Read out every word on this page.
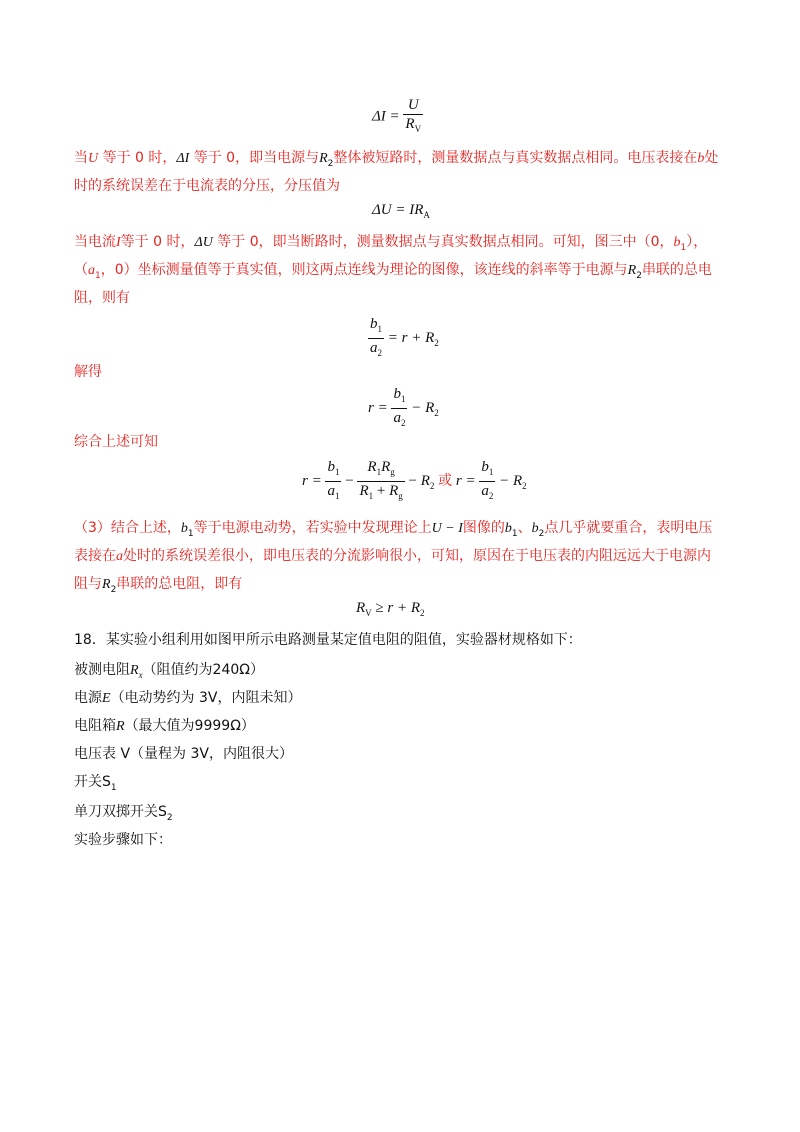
$\Delta I = \frac{U}{R_V}$
当U 等于 0 时，ΔI 等于 0，即当电源与$R_2$整体被短路时，测量数据点与真实数据点相同。电压表接在b处
时的系统误差在于电流表的分压，分压值为
$\Delta U = IR_A$
当电流I等于 0 时，ΔU 等于 0，即当断路时，测量数据点与真实数据点相同。可知，图三中（0，$b_1$），
（$a_1$，0）坐标测量值等于真实值，则这两点连线为理论的图像，该连线的斜率等于电源与$R_2$串联的总电
阻，则有
$\frac{b_1}{a_2} = r + R_2$
解得
$r = \frac{b_1}{a_2} - R_2$
综合上述可知
$r = \frac{b_1}{a_1} - \frac{R_1R_g}{R_1 + R_g} - R_2$ 或 $r = \frac{b_1}{a_2} - R_2$
（3）结合上述，$b_1$等于电源电动势，若实验中发现理论上U − I图像的$b_1$、$b_2$点几乎就要重合，表明电压
表接在a处时的系统误差很小，即电压表的分流影响很小，可知，原因在于电压表的内阻远远大于电源内
阻与$R_2$串联的总电阻，即有
$R_V \ge r + R_2$
18．某实验小组利用如图甲所示电路测量某定值电阻的阻值，实验器材规格如下：
被测电阻$R_x$（阻值约为240Ω）
电源E（电动势约为 3V，内阻未知）
电阻箱R（最大值为9999Ω）
电压表 V（量程为 3V，内阻很大）
开关$S_1$
单刀双掷开关$S_2$
实验步骤如下：
